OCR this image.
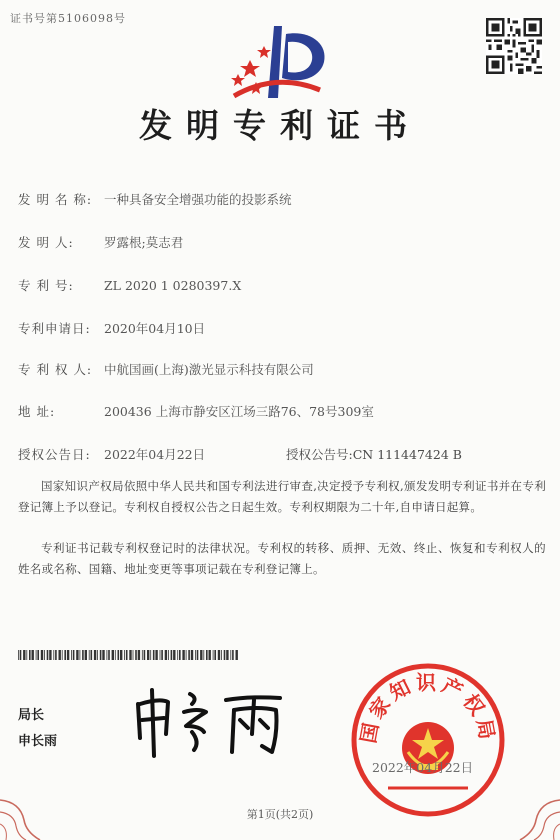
证书号第5106098号
发明专利证书
发 明 名 称: 一种具备安全增强功能的投影系统
发 明 人: 罗露根;莫志君
专 利 号: ZL 2020 1 0280397.X
专利申请日: 2020年04月10日
专 利 权 人: 中航国画(上海)激光显示科技有限公司
地 址:	200436 上海市静安区江场三路76、78号309室
授权公告日: 2022年04月22日	授权公告号:CN 111447424 B
国家知识产权局依照中华人民共和国专利法进行审查,决定授予专利权,颁发发明专利证书并在专利登记簿上予以登记。专利权自授权公告之日起生效。专利权期限为二十年,自申请日起算。
专利证书记载专利权登记时的法律状况。专利权的转移、质押、无效、终止、恢复和专利权人的姓名或名称、国籍、地址变更等事项记载在专利登记簿上。
局长
申长雨	国家知识产权局
2022年04月22日
第1页(共2页)
